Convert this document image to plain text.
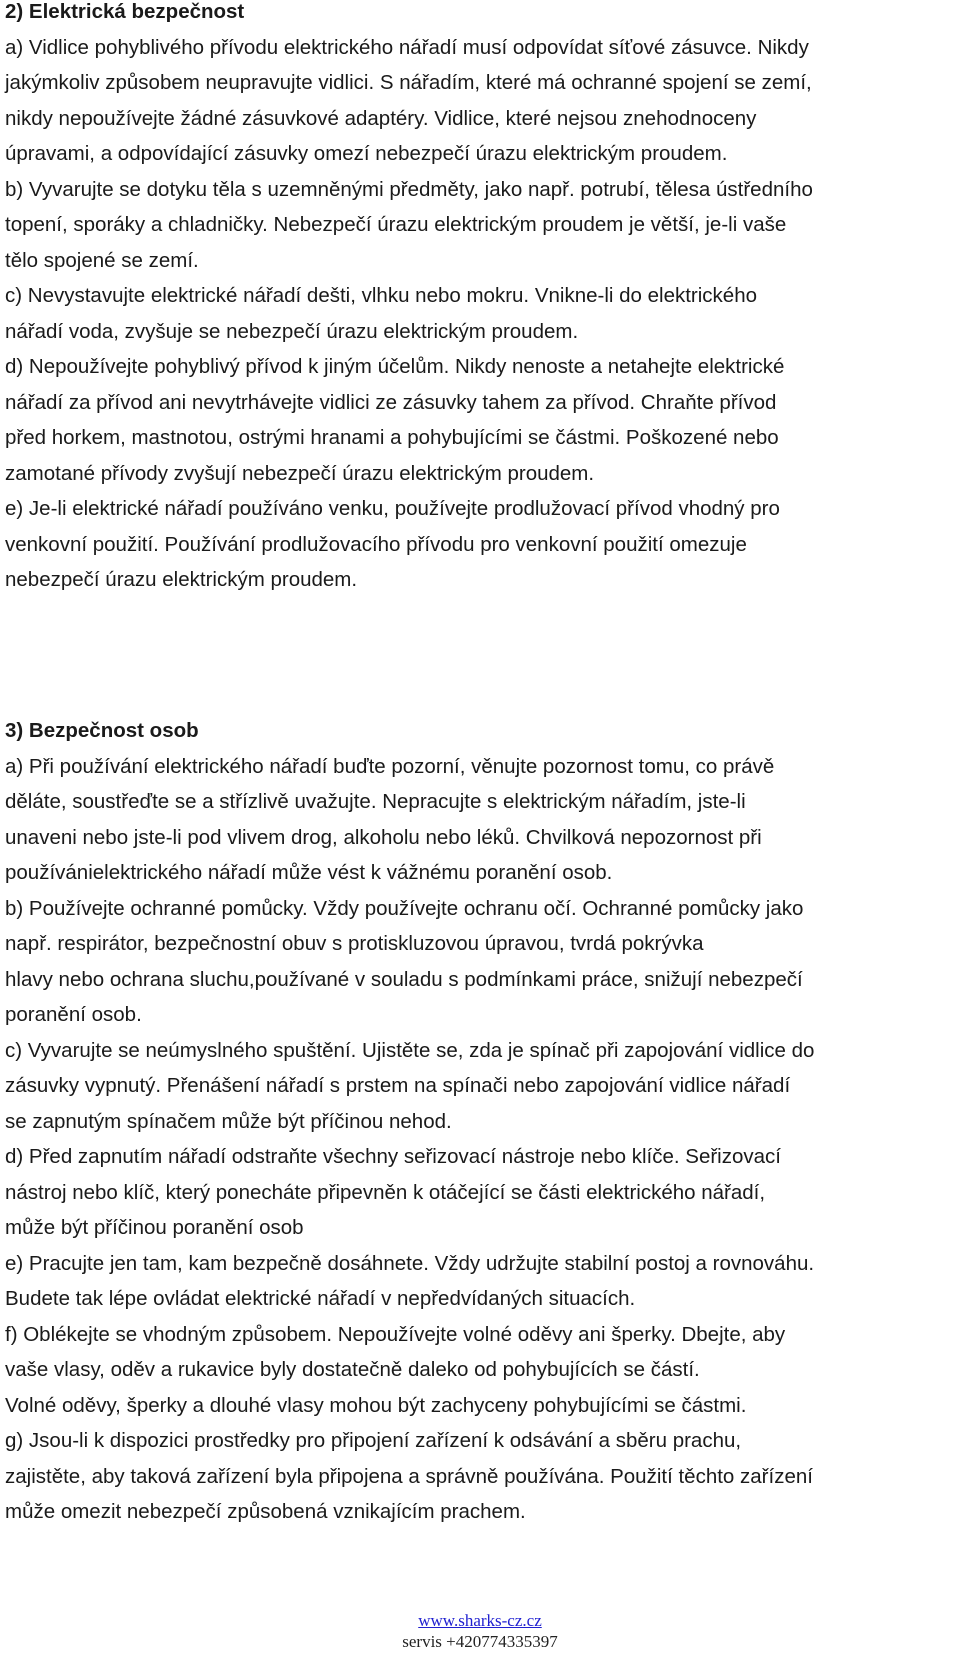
2) Elektrická bezpečnost
a) Vidlice pohyblivého přívodu elektrického nářadí musí odpovídat síťové zásuvce. Nikdy
jakýmkoliv způsobem neupravujte vidlici. S nářadím, které má ochranné spojení se zemí,
nikdy nepoužívejte žádné zásuvkové adaptéry. Vidlice, které nejsou znehodnoceny
úpravami, a odpovídající zásuvky omezí nebezpečí úrazu elektrickým proudem.
b) Vyvarujte se dotyku těla s uzemněnými předměty, jako např. potrubí, tělesa ústředního
topení, sporáky a chladničky. Nebezpečí úrazu elektrickým proudem je větší, je-li vaše
tělo spojené se zemí.
c) Nevystavujte elektrické nářadí dešti, vlhku nebo mokru. Vnikne-li do elektrického
nářadí voda, zvyšuje se nebezpečí úrazu elektrickým proudem.
d) Nepoužívejte pohyblivý přívod k jiným účelům. Nikdy nenoste a netahejte elektrické
nářadí za přívod ani nevytrhávejte vidlici ze zásuvky tahem za přívod. Chraňte přívod
před horkem, mastnotou, ostrými hranami a pohybujícími se částmi. Poškozené nebo
zamotané přívody zvyšují nebezpečí úrazu elektrickým proudem.
e) Je-li elektrické nářadí používáno venku, používejte prodlužovací přívod vhodný pro
venkovní použití. Používání prodlužovacího přívodu pro venkovní použití omezuje
nebezpečí úrazu elektrickým proudem.
3) Bezpečnost osob
a) Při používání elektrického nářadí buďte pozorní, věnujte pozornost tomu, co právě
děláte, soustřeďte se a střízlivě uvažujte. Nepracujte s elektrickým nářadím, jste-li
unaveni nebo jste-li pod vlivem drog, alkoholu nebo léků. Chvilková nepozornost při
používánielektrického nářadí může vést k vážnému poranění osob.
b) Používejte ochranné pomůcky. Vždy používejte ochranu očí. Ochranné pomůcky jako
např. respirátor, bezpečnostní obuv s protiskluzovou úpravou, tvrdá pokrývka
hlavy nebo ochrana sluchu,používané v souladu s podmínkami práce, snižují nebezpečí
poranění osob.
c) Vyvarujte se neúmyslného spuštění. Ujistěte se, zda je spínač při zapojování vidlice do
zásuvky vypnutý. Přenášení nářadí s prstem na spínači nebo zapojování vidlice nářadí
se zapnutým spínačem může být příčinou nehod.
d) Před zapnutím nářadí odstraňte všechny seřizovací nástroje nebo klíče. Seřizovací
nástroj nebo klíč, který ponecháte připevněn k otáčející se části elektrického nářadí,
může být příčinou poranění osob
e) Pracujte jen tam, kam bezpečně dosáhnete. Vždy udržujte stabilní postoj a rovnováhu.
Budete tak lépe ovládat elektrické nářadí v nepředvídaných situacích.
f) Oblékejte se vhodným způsobem. Nepoužívejte volné oděvy ani šperky. Dbejte, aby
vaše vlasy, oděv a rukavice byly dostatečně daleko od pohybujících se částí.
Volné oděvy, šperky a dlouhé vlasy mohou být zachyceny pohybujícími se částmi.
g) Jsou-li k dispozici prostředky pro připojení zařízení k odsávání a sběru prachu,
zajistěte, aby taková zařízení byla připojena a správně používána. Použití těchto zařízení
může omezit nebezpečí způsobená vznikajícím prachem.
www.sharks-cz.cz
servis +420774335397
